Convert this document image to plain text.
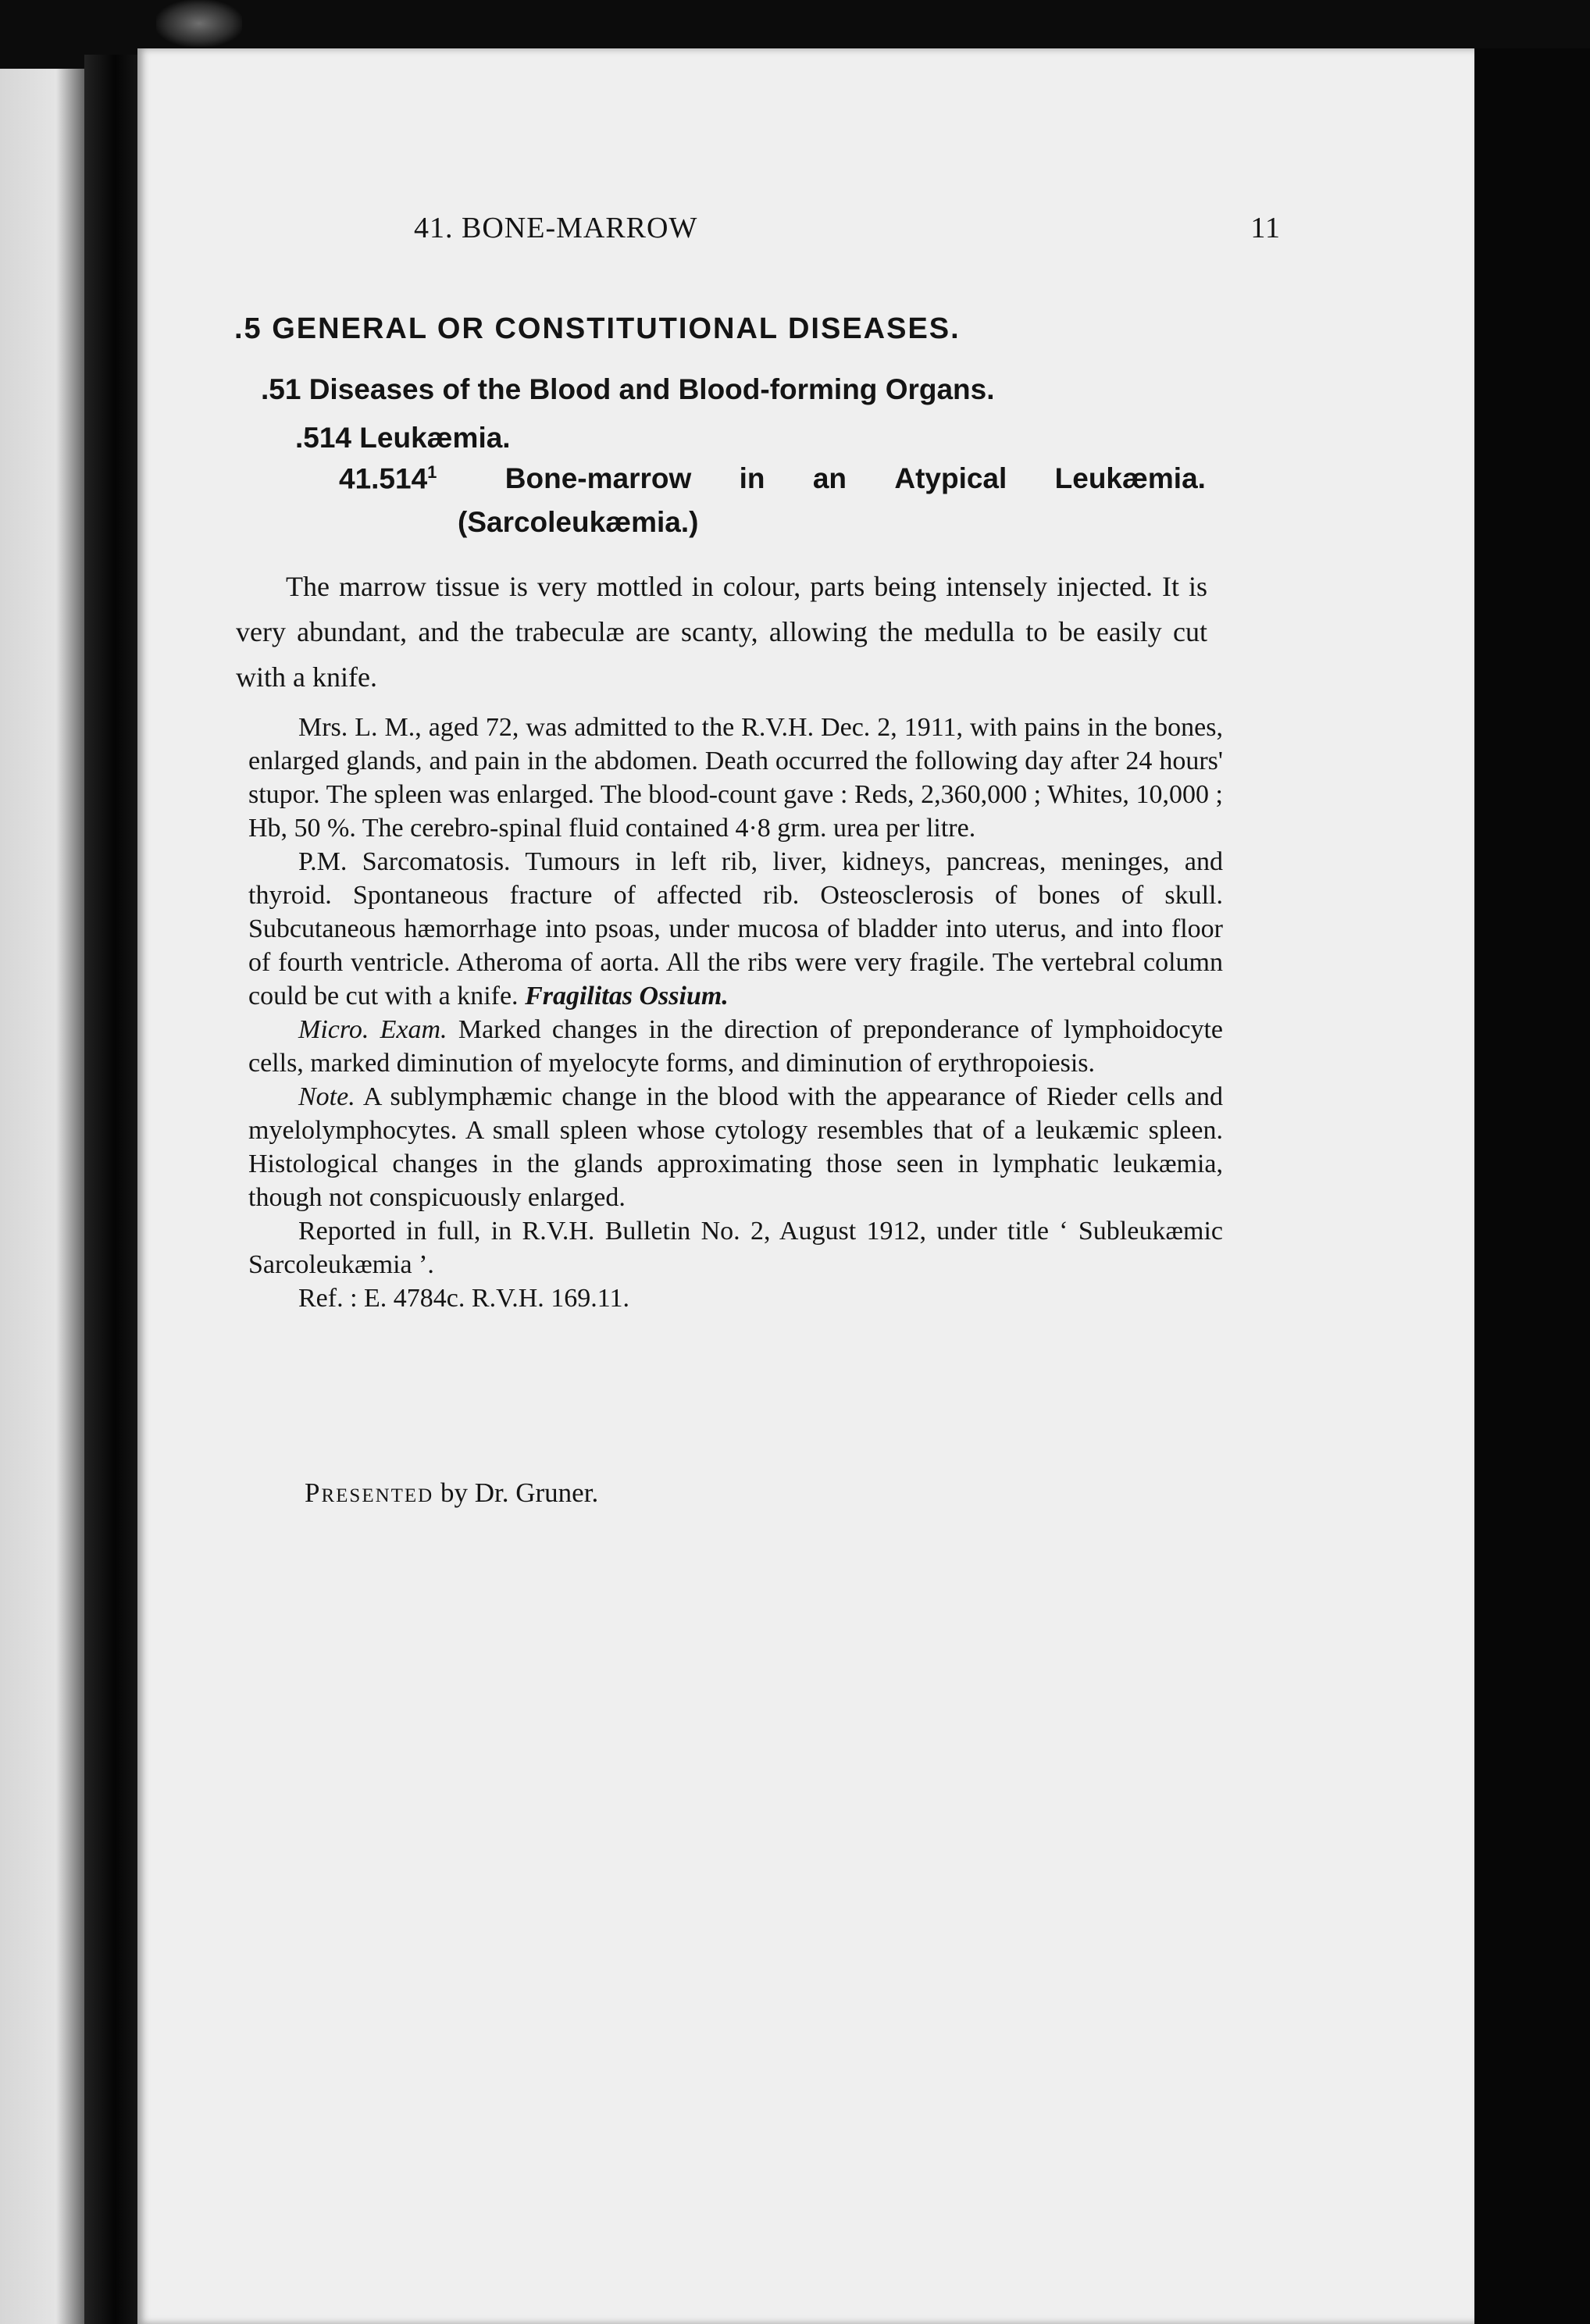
41. BONE-MARROW	11
.5 GENERAL OR CONSTITUTIONAL DISEASES.
.51 Diseases of the Blood and Blood-forming Organs.
.514 Leukæmia.
41.514$^1$ Bone-marrow in an Atypical Leukæmia.
(Sarcoleukæmia.)

The marrow tissue is very mottled in colour, parts being intensely injected. It is very abundant, and the trabeculæ are scanty, allowing the medulla to be easily cut with a knife.

Mrs. L. M., aged 72, was admitted to the R.V.H. Dec. 2, 1911, with pains in the bones, enlarged glands, and pain in the abdomen. Death occurred the following day after 24 hours' stupor. The spleen was enlarged. The blood-count gave : Reds, 2,360,000 ; Whites, 10,000 ; Hb, 50 %. The cerebro-spinal fluid contained 4·8 grm. urea per litre.

P.M. Sarcomatosis. Tumours in left rib, liver, kidneys, pancreas, meninges, and thyroid. Spontaneous fracture of affected rib. Osteosclerosis of bones of skull. Subcutaneous hæmorrhage into psoas, under mucosa of bladder into uterus, and into floor of fourth ventricle. Atheroma of aorta. All the ribs were very fragile. The vertebral column could be cut with a knife. Fragilitas Ossium.

Micro. Exam. Marked changes in the direction of preponderance of lymphoidocyte cells, marked diminution of myelocyte forms, and diminution of erythropoiesis.

Note. A sublymphæmic change in the blood with the appearance of Rieder cells and myelolymphocytes. A small spleen whose cytology resembles that of a leukæmic spleen. Histological changes in the glands approximating those seen in lymphatic leukæmia, though not conspicuously enlarged.

Reported in full, in R.V.H. Bulletin No. 2, August 1912, under title ‘ Subleukæmic Sarcoleukæmia ’.

Ref. : E. 4784c. R.V.H. 169.11.

Presented by Dr. Gruner.
